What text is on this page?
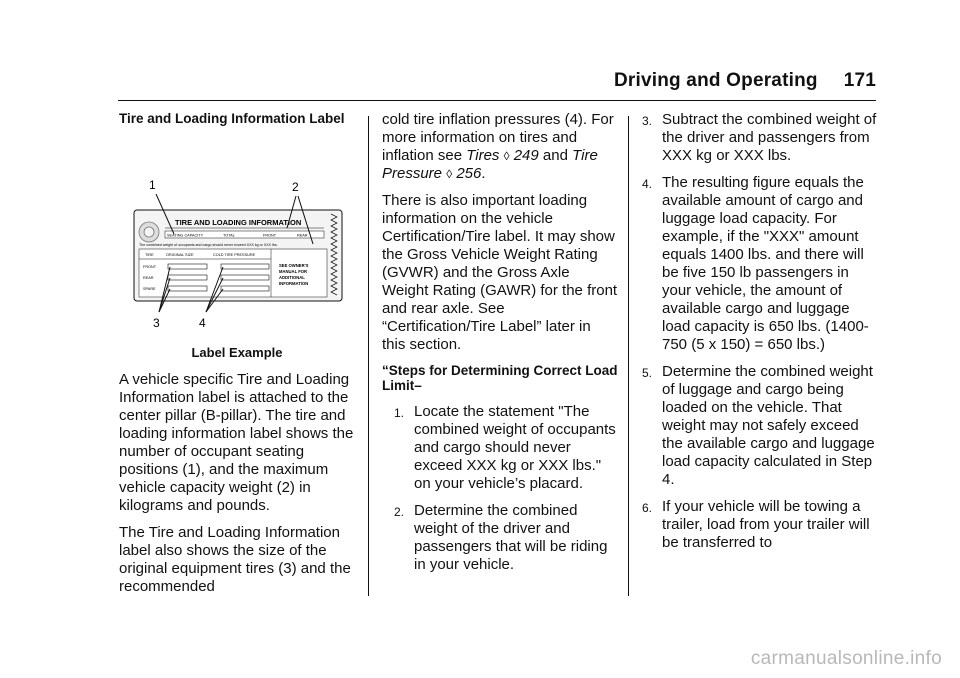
Driving and Operating 171

Tire and Loading Information Label

TIRE AND LOADING INFORMATION
SEATING CAPACITY	TOTAL	FRONT	REAR
The combined weight of occupants and cargo should never exceed XXX kg or XXX lbs.
TIRE	ORIGINAL SIZE	COLD TIRE PRESSURE
FRONT
REAR
SPARE
SEE OWNER'S
MANUAL FOR
ADDITIONAL
INFORMATION
1	2
3	4
Label Example

A vehicle specific Tire and Loading Information label is attached to the center pillar (B-pillar). The tire and loading information label shows the number of occupant seating positions (1), and the maximum vehicle capacity weight (2) in kilograms and pounds.

The Tire and Loading Information label also shows the size of the original equipment tires (3) and the recommended

cold tire inflation pressures (4). For more information on tires and inflation see Tires ◊ 249 and Tire Pressure ◊ 256.

There is also important loading information on the vehicle Certification/Tire label. It may show the Gross Vehicle Weight Rating (GVWR) and the Gross Axle Weight Rating (GAWR) for the front and rear axle. See “Certification/Tire Label” later in this section.

“Steps for Determining Correct Load Limit–

1. Locate the statement "The combined weight of occupants and cargo should never exceed XXX kg or XXX lbs." on your vehicle’s placard.
2. Determine the combined weight of the driver and passengers that will be riding in your vehicle.
3. Subtract the combined weight of the driver and passengers from XXX kg or XXX lbs.
4. The resulting figure equals the available amount of cargo and luggage load capacity. For example, if the "XXX" amount equals 1400 lbs. and there will be five 150 lb passengers in your vehicle, the amount of available cargo and luggage load capacity is 650 lbs. (1400-750 (5 x 150) = 650 lbs.)
5. Determine the combined weight of luggage and cargo being loaded on the vehicle. That weight may not safely exceed the available cargo and luggage load capacity calculated in Step 4.
6. If your vehicle will be towing a trailer, load from your trailer will be transferred to
carmanualsonline.info
